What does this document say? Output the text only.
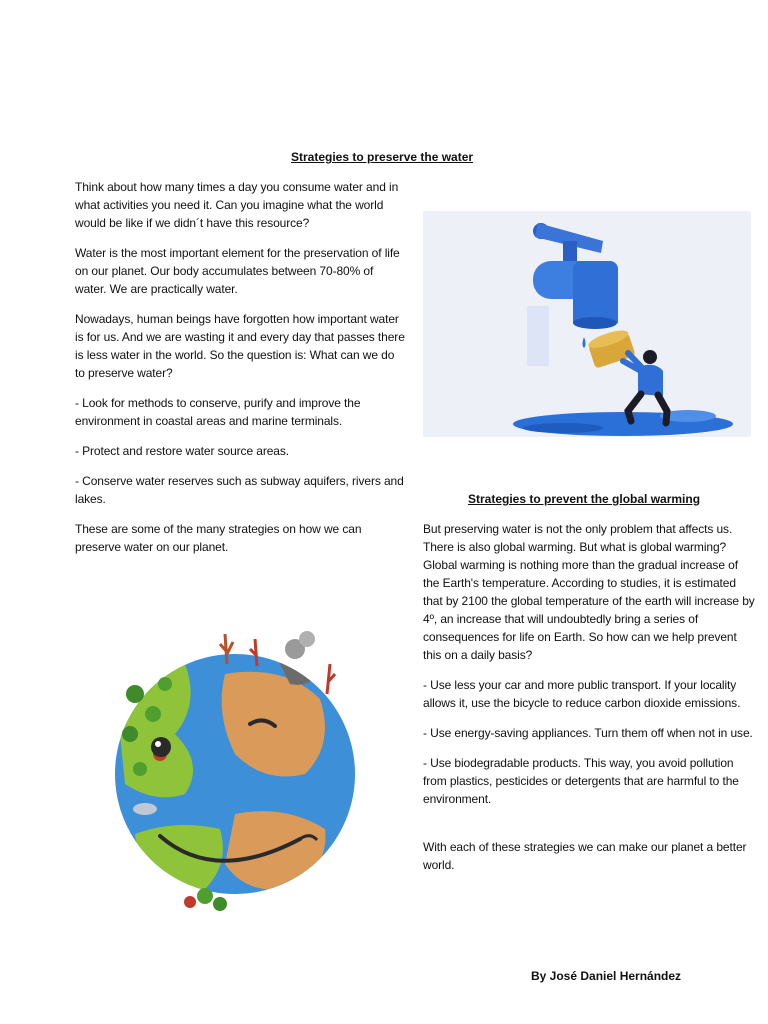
Strategies to preserve the water

Think about how many times a day you consume water and in what activities you need it. Can you imagine what the world would be like if we didn´t have this resource?

Water is the most important element for the preservation of life on our planet. Our body accumulates between 70-80% of water. We are practically water.

Nowadays, human beings have forgotten how important water is for us. And we are wasting it and every day that passes there is less water in the world. So the question is: What can we do to preserve water?

- Look for methods to conserve, purify and improve the environment in coastal areas and marine terminals.

- Protect and restore water source areas.

- Conserve water reserves such as subway aquifers, rivers and lakes.

These are some of the many strategies on how we can preserve water on our planet.

Strategies to prevent the global warming

But preserving water is not the only problem that affects us. There is also global warming. But what is global warming? Global warming is nothing more than the gradual increase of the Earth's temperature. According to studies, it is estimated that by 2100 the global temperature of the earth will increase by 4º, an increase that will undoubtedly bring a series of consequences for life on Earth. So how can we help prevent this on a daily basis?

- Use less your car and more public transport. If your locality allows it, use the bicycle to reduce carbon dioxide emissions.

- Use energy-saving appliances. Turn them off when not in use.

- Use biodegradable products. This way, you avoid pollution from plastics, pesticides or detergents that are harmful to the environment.

With each of these strategies we can make our planet a better world.

By José Daniel Hernández
